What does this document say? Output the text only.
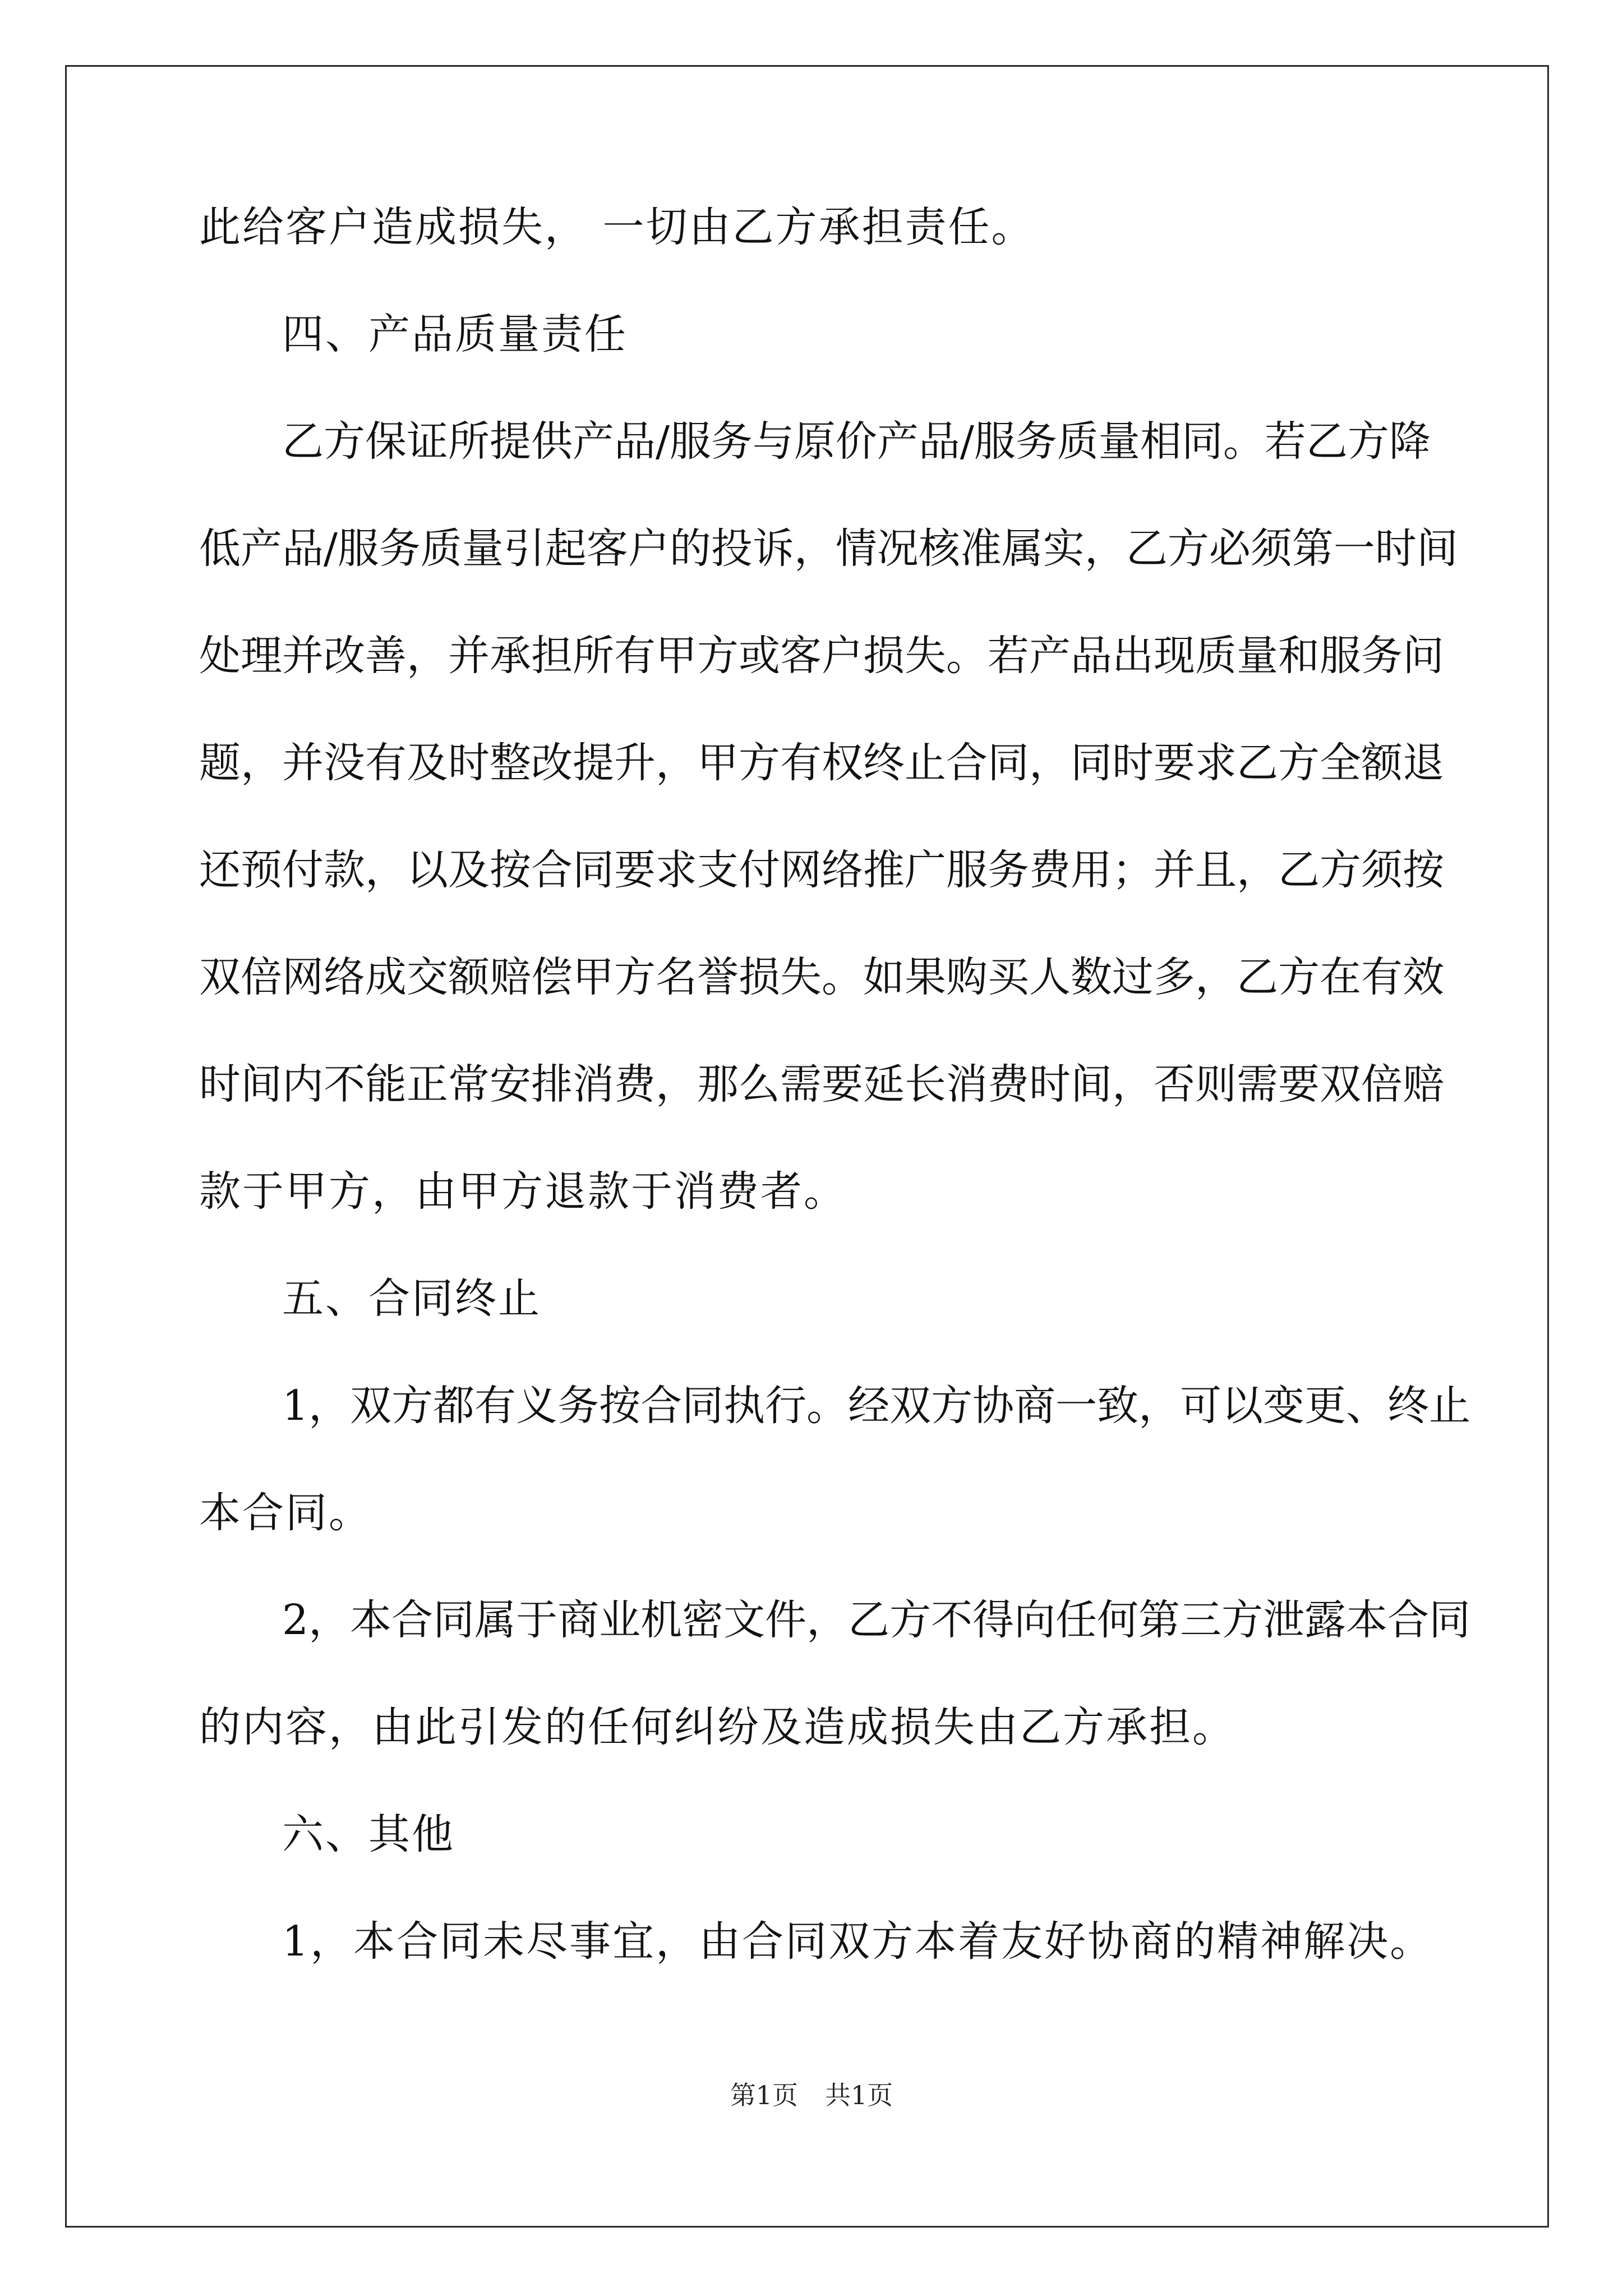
此给客户造成损失， 一切由乙方承担责任。
四、产品质量责任
乙方保证所提供产品/服务与原价产品/服务质量相同。若乙方降
低产品/服务质量引起客户的投诉，情况核准属实，乙方必须第一时间
处理并改善，并承担所有甲方或客户损失。若产品出现质量和服务问
题，并没有及时整改提升，甲方有权终止合同，同时要求乙方全额退
还预付款，以及按合同要求支付网络推广服务费用；并且，乙方须按
双倍网络成交额赔偿甲方名誉损失。如果购买人数过多，乙方在有效
时间内不能正常安排消费，那么需要延长消费时间，否则需要双倍赔
款于甲方，由甲方退款于消费者。
五、合同终止
1，双方都有义务按合同执行。经双方协商一致，可以变更、终止
本合同。
2，本合同属于商业机密文件，乙方不得向任何第三方泄露本合同
的内容，由此引发的任何纠纷及造成损失由乙方承担。
六、其他
1，本合同未尽事宜，由合同双方本着友好协商的精神解决。
第1页 共1页
